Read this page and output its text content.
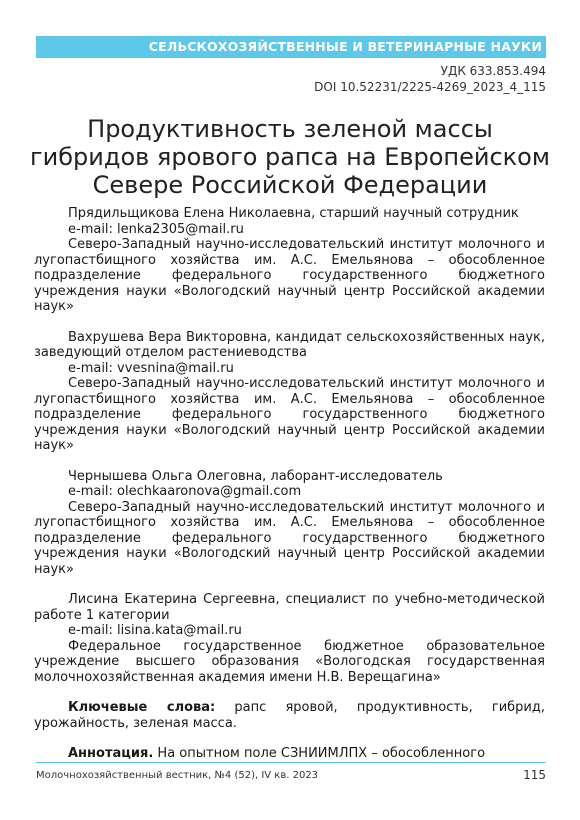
СЕЛЬСКОХОЗЯЙСТВЕННЫЕ И ВЕТЕРИНАРНЫЕ НАУКИ
УДК 633.853.494
DOI 10.52231/2225-4269_2023_4_115
Продуктивность зеленой массы гибридов ярового рапса на Европейском Севере Российской Федерации

Прядильщикова Елена Николаевна, старший научный сотрудник

e-mail: lenka2305@mail.ru

Северо-Западный научно-исследовательский институт молочного и лугопастбищного хозяйства им. А.С. Емельянова – обособленное подразделение федерального государственного бюджетного учреждения науки «Вологодский научный центр Российской академии наук»

Вахрушева Вера Викторовна, кандидат сельскохозяйственных наук, заведующий отделом растениеводства

e-mail: vvesnina@mail.ru

Северо-Западный научно-исследовательский институт молочного и лугопастбищного хозяйства им. А.С. Емельянова – обособленное подразделение федерального государственного бюджетного учреждения науки «Вологодский научный центр Российской академии наук»

Чернышева Ольга Олеговна, лаборант-исследователь

e-mail: olechkaaronova@gmail.com

Северо-Западный научно-исследовательский институт молочного и лугопастбищного хозяйства им. А.С. Емельянова – обособленное подразделение федерального государственного бюджетного учреждения науки «Вологодский научный центр Российской академии наук»

Лисина Екатерина Сергеевна, специалист по учебно-методической работе 1 категории

e-mail: lisina.kata@mail.ru

Федеральное государственное бюджетное образовательное учреждение высшего образования «Вологодская государственная молочнохозяйственная академия имени Н.В. Верещагина»

Ключевые слова: рапс яровой, продуктивность, гибрид, урожайность, зеленая масса.

Аннотация. На опытном поле СЗНИИМЛПХ – обособленного

Молочнохозяйственный вестник, №4 (52), IV кв. 2023	115
